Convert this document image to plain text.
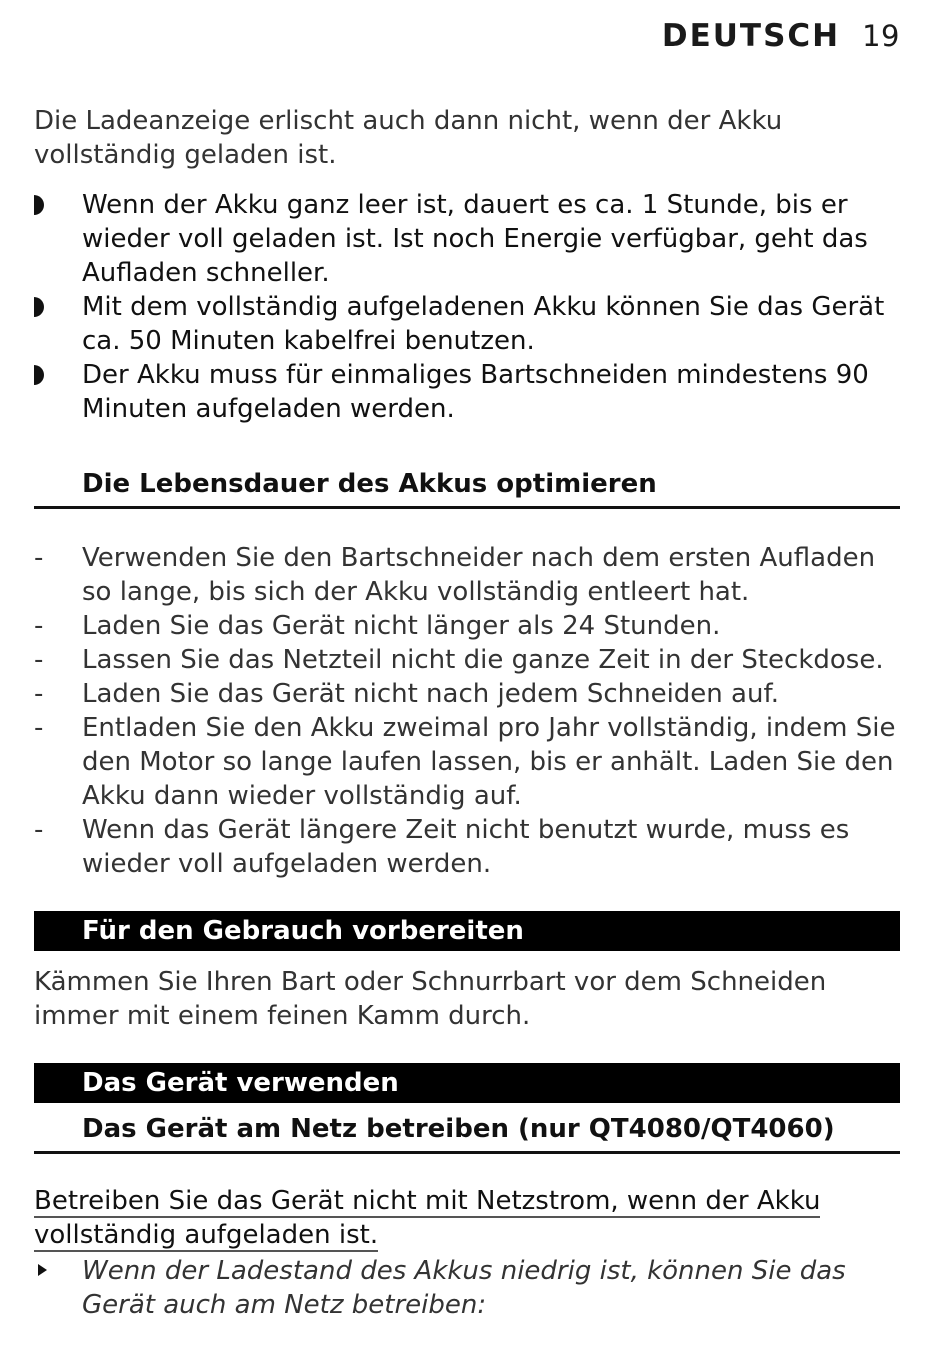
DEUTSCH 19

Die Ladeanzeige erlischt auch dann nicht, wenn der Akku vollständig geladen ist.

Wenn der Akku ganz leer ist, dauert es ca. 1 Stunde, bis er wieder voll geladen ist. Ist noch Energie verfügbar, geht das Aufladen schneller.
Mit dem vollständig aufgeladenen Akku können Sie das Gerät ca. 50 Minuten kabelfrei benutzen.
Der Akku muss für einmaliges Bartschneiden mindestens 90 Minuten aufgeladen werden.
Die Lebensdauer des Akkus optimieren
- Verwenden Sie den Bartschneider nach dem ersten Aufladen so lange, bis sich der Akku vollständig entleert hat.
- Laden Sie das Gerät nicht länger als 24 Stunden.
- Lassen Sie das Netzteil nicht die ganze Zeit in der Steckdose.
- Laden Sie das Gerät nicht nach jedem Schneiden auf.
- Entladen Sie den Akku zweimal pro Jahr vollständig, indem Sie den Motor so lange laufen lassen, bis er anhält. Laden Sie den Akku dann wieder vollständig auf.
- Wenn das Gerät längere Zeit nicht benutzt wurde, muss es wieder voll aufgeladen werden.
Für den Gebrauch vorbereiten

Kämmen Sie Ihren Bart oder Schnurrbart vor dem Schneiden immer mit einem feinen Kamm durch.

Das Gerät verwenden
Das Gerät am Netz betreiben (nur QT4080/QT4060)

Betreiben Sie das Gerät nicht mit Netzstrom, wenn der Akku
vollständig aufgeladen ist.

Wenn der Ladestand des Akkus niedrig ist, können Sie das Gerät auch am Netz betreiben:
